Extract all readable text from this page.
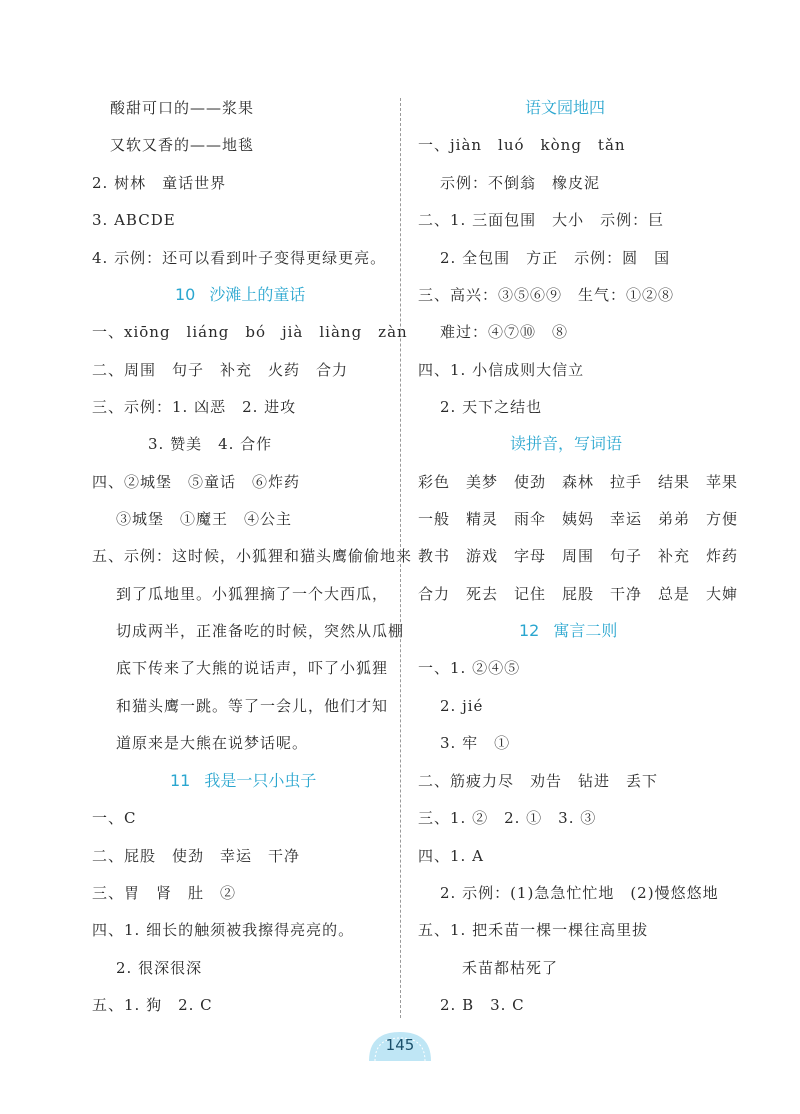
酸甜可口的——浆果
又软又香的——地毯
2. 树林　童话世界
3. ABCDE
4. 示例：还可以看到叶子变得更绿更亮。
10 沙滩上的童话
一、xiōng　liáng　bó　jià　liàng　zàn
二、周围　句子　补充　火药　合力
三、示例：1. 凶恶　2. 进攻
3. 赞美　4. 合作
四、②城堡　⑤童话　⑥炸药
③城堡　①魔王　④公主
五、示例：这时候，小狐狸和猫头鹰偷偷地来
到了瓜地里。小狐狸摘了一个大西瓜，
切成两半，正准备吃的时候，突然从瓜棚
底下传来了大熊的说话声，吓了小狐狸
和猫头鹰一跳。等了一会儿，他们才知
道原来是大熊在说梦话呢。
11 我是一只小虫子
一、C
二、屁股　使劲　幸运　干净
三、胃　肾　肚　②
四、1. 细长的触须被我擦得亮亮的。
2. 很深很深
五、1. 狗　2. C
语文园地四
一、jiàn　luó　kòng　tǎn
示例：不倒翁　橡皮泥
二、1. 三面包围　大小　示例：巨
2. 全包围　方正　示例：圆　国
三、高兴：③⑤⑥⑨　生气：①②⑧
难过：④⑦⑩　⑧
四、1. 小信成则大信立
2. 天下之结也
读拼音，写词语
彩色　美梦　使劲　森林　拉手　结果　苹果
一般　精灵　雨伞　姨妈　幸运　弟弟　方便
教书　游戏　字母　周围　句子　补充　炸药
合力　死去　记住　屁股　干净　总是　大婶
12 寓言二则
一、1. ②④⑤
2. jié
3. 牢　①
二、筋疲力尽　劝告　钻进　丢下
三、1. ②　2. ①　3. ③
四、1. A
2. 示例：(1)急急忙忙地　(2)慢悠悠地
五、1. 把禾苗一棵一棵往高里拔
禾苗都枯死了
2. B　3. C
145
